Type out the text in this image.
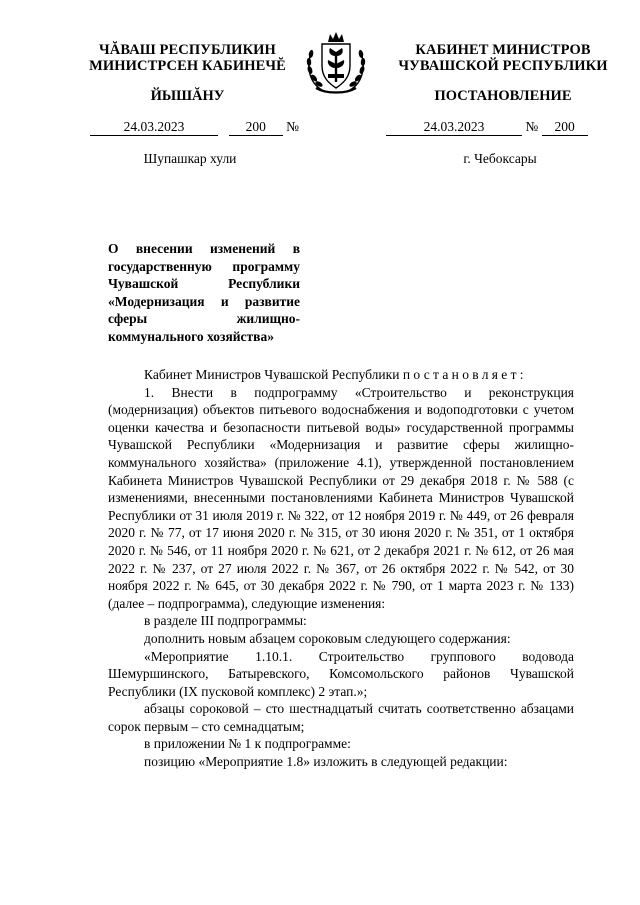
ЧĂВАШ РЕСПУБЛИКИН
МИНИСТРСЕН КАБИНЕЧĔ
ЙЫШĂНУ
КАБИНЕТ МИНИСТРОВ
ЧУВАШСКОЙ РЕСПУБЛИКИ
ПОСТАНОВЛЕНИЕ
24.03.2023	200 №	24.03.2023	№ 200
Шупашкар хули	г. Чебоксары
О внесении изменений в государственную программу Чувашской Республики «Модернизация и развитие сферы жилищно-коммунального хозяйства»

Кабинет Министров Чувашской Республики постановляет:

1. Внести в подпрограмму «Строительство и реконструкция (модернизация) объектов питьевого водоснабжения и водоподготовки с учетом оценки качества и безопасности питьевой воды» государственной программы Чувашской Республики «Модернизация и развитие сферы жилищно-коммунального хозяйства» (приложение 4.1), утвержденной постановлением Кабинета Министров Чувашской Республики от 29 декабря 2018 г. № 588 (с изменениями, внесенными постановлениями Кабинета Министров Чувашской Республики от 31 июля 2019 г. № 322, от 12 ноября 2019 г. № 449, от 26 февраля 2020 г. № 77, от 17 июня 2020 г. № 315, от 30 июня 2020 г. № 351, от 1 октября 2020 г. № 546, от 11 ноября 2020 г. № 621, от 2 декабря 2021 г. № 612, от 26 мая 2022 г. № 237, от 27 июля 2022 г. № 367, от 26 октября 2022 г. № 542, от 30 ноября 2022 г. № 645, от 30 декабря 2022 г. № 790, от 1 марта 2023 г. № 133) (далее – подпрограмма), следующие изменения:

в разделе III подпрограммы:

дополнить новым абзацем сороковым следующего содержания:

«Мероприятие 1.10.1. Строительство группового водовода Шемуршинского, Батыревского, Комсомольского районов Чувашской Республики (IX пусковой комплекс) 2 этап.»;

абзацы сороковой – сто шестнадцатый считать соответственно абзацами сорок первым – сто семнадцатым;

в приложении № 1 к подпрограмме:

позицию «Мероприятие 1.8» изложить в следующей редакции:
